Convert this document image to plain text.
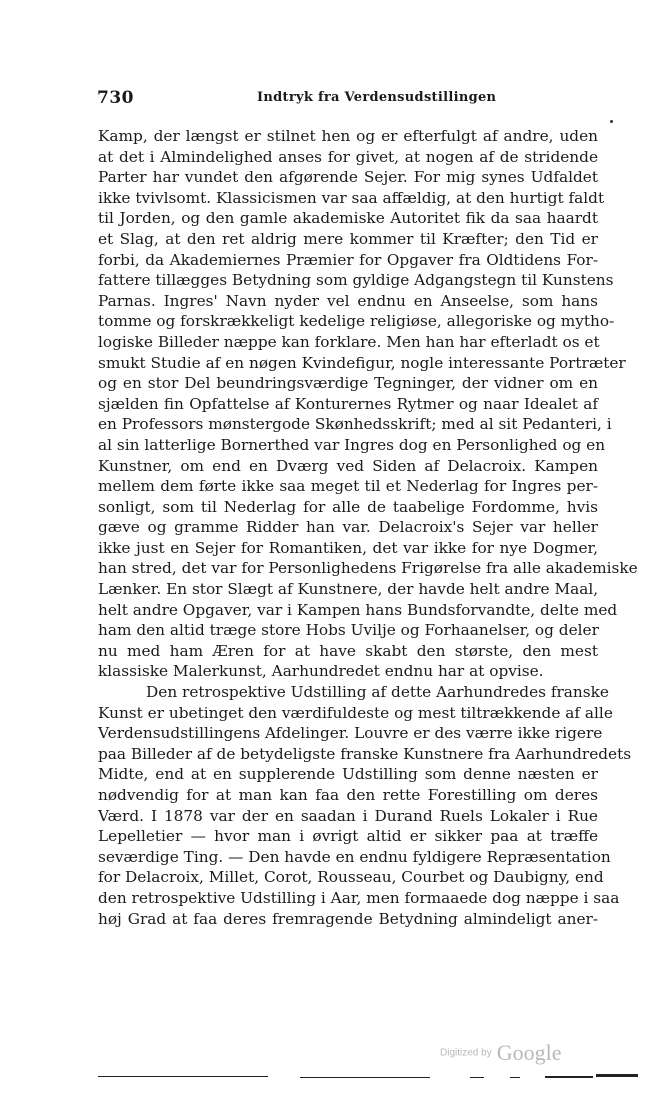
730	Indtryk fra Verdensudstillingen
Kamp, der længst er stilnet hen og er efterfulgt af andre, uden
at det i Almindelighed anses for givet, at nogen af de stridende
Parter har vundet den afgørende Sejer. For mig synes Udfaldet
ikke tvivlsomt. Klassicismen var saa affældig, at den hurtigt faldt
til Jorden, og den gamle akademiske Autoritet fik da saa haardt
et Slag, at den ret aldrig mere kommer til Kræfter; den Tid er
forbi, da Akademiernes Præmier for Opgaver fra Oldtidens For-
fattere tillægges Betydning som gyldige Adgangstegn til Kunstens
Parnas. Ingres' Navn nyder vel endnu en Anseelse, som hans
tomme og forskrækkeligt kedelige religiøse, allegoriske og mytho-
logiske Billeder næppe kan forklare. Men han har efterladt os et
smukt Studie af en nøgen Kvindefigur, nogle interessante Portræter
og en stor Del beundringsværdige Tegninger, der vidner om en
sjælden fin Opfattelse af Konturernes Rytmer og naar Idealet af
en Professors mønstergode Skønhedsskrift; med al sit Pedanteri, i
al sin latterlige Bornerthed var Ingres dog en Personlighed og en
Kunstner, om end en Dværg ved Siden af Delacroix. Kampen
mellem dem førte ikke saa meget til et Nederlag for Ingres per-
sonligt, som til Nederlag for alle de taabelige Fordomme, hvis
gæve og gramme Ridder han var. Delacroix's Sejer var heller
ikke just en Sejer for Romantiken, det var ikke for nye Dogmer,
han stred, det var for Personlighedens Frigørelse fra alle akademiske
Lænker. En stor Slægt af Kunstnere, der havde helt andre Maal,
helt andre Opgaver, var i Kampen hans Bundsforvandte, delte med
ham den altid træge store Hobs Uvilje og Forhaanelser, og deler
nu med ham Æren for at have skabt den største, den mest
klassiske Malerkunst, Aarhundredet endnu har at opvise.
Den retrospektive Udstilling af dette Aarhundredes franske
Kunst er ubetinget den værdifuldeste og mest tiltrækkende af alle
Verdensudstillingens Afdelinger. Louvre er des værre ikke rigere
paa Billeder af de betydeligste franske Kunstnere fra Aarhundredets
Midte, end at en supplerende Udstilling som denne næsten er
nødvendig for at man kan faa den rette Forestilling om deres
Værd. I 1878 var der en saadan i Durand Ruels Lokaler i Rue
Lepelletier — hvor man i øvrigt altid er sikker paa at træffe
seværdige Ting. — Den havde en endnu fyldigere Repræsentation
for Delacroix, Millet, Corot, Rousseau, Courbet og Daubigny, end
den retrospektive Udstilling i Aar, men formaaede dog næppe i saa
høj Grad at faa deres fremragende Betydning almindeligt aner-
Digitized by Google
